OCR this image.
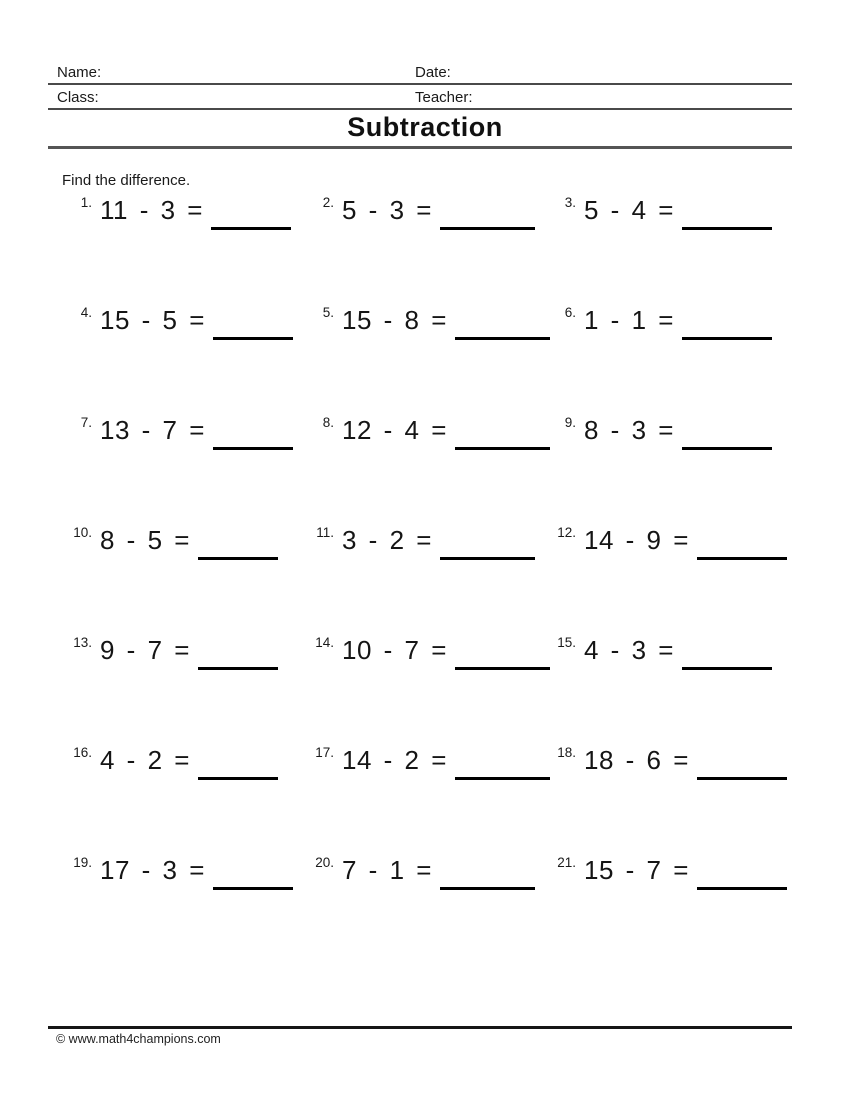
Name:	Date:
Class:	Teacher:
Subtraction
Find the difference.
1. 11 - 3 =	2. 5 - 3 =	3. 5 - 4 =
4. 15 - 5 =	5. 15 - 8 =	6. 1 - 1 =
7. 13 - 7 =	8. 12 - 4 =	9. 8 - 3 =
10. 8 - 5 =	11. 3 - 2 =	12. 14 - 9 =
13. 9 - 7 =	14. 10 - 7 =	15. 4 - 3 =
16. 4 - 2 =	17. 14 - 2 =	18. 18 - 6 =
19. 17 - 3 =	20. 7 - 1 =	21. 15 - 7 =
© www.math4champions.com
